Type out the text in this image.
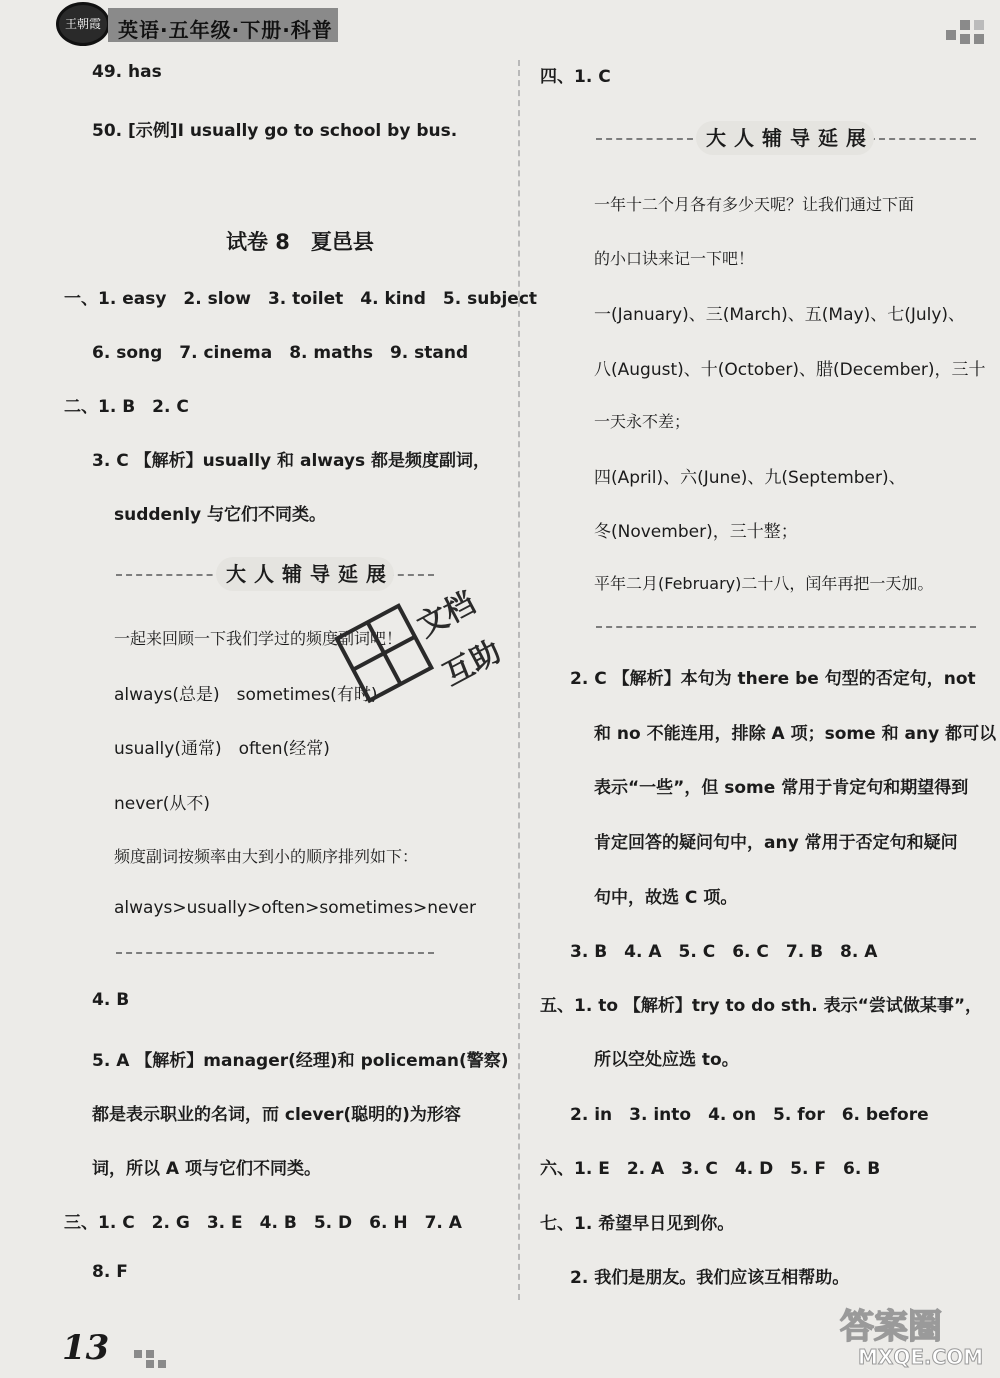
王朝霞 英语·五年级·下册·科普
49. has
50. [示例]I usually go to school by bus.
试卷 8　夏邑县
一、1. easy　2. slow　3. toilet　4. kind　5. subject
6. song　7. cinema　8. maths　9. stand
二、1. B　2. C
3. C 【解析】usually 和 always 都是频度副词，
suddenly 与它们不同类。
大人辅导延展
一起来回顾一下我们学过的频度副词吧！
always(总是)　sometimes(有时)
usually(通常)　often(经常)
never(从不)
频度副词按频率由大到小的顺序排列如下：
always>usually>often>sometimes>never
4. B
5. A 【解析】manager(经理)和 policeman(警察)
都是表示职业的名词，而 clever(聪明的)为形容
词，所以 A 项与它们不同类。
三、1. C　2. G　3. E　4. B　5. D　6. H　7. A
8. F
互助
文档
四、1. C
大人辅导延展
一年十二个月各有多少天呢？让我们通过下面
的小口诀来记一下吧！
一(January)、三(March)、五(May)、七(July)、
八(August)、十(October)、腊(December)，三十
一天永不差；
四(April)、六(June)、九(September)、
冬(November)，三十整；
平年二月(February)二十八，闰年再把一天加。
2. C 【解析】本句为 there be 句型的否定句，not
和 no 不能连用，排除 A 项；some 和 any 都可以
表示“一些”，但 some 常用于肯定句和期望得到
肯定回答的疑问句中，any 常用于否定句和疑问
句中，故选 C 项。
3. B　4. A　5. C　6. C　7. B　8. A
五、1. to 【解析】try to do sth. 表示“尝试做某事”，
所以空处应选 to。
2. in　3. into　4. on　5. for　6. before
六、1. E　2. A　3. C　4. D　5. F　6. B
七、1. 希望早日见到你。
2. 我们是朋友。我们应该互相帮助。
13
答案圈
MXQE.COM
